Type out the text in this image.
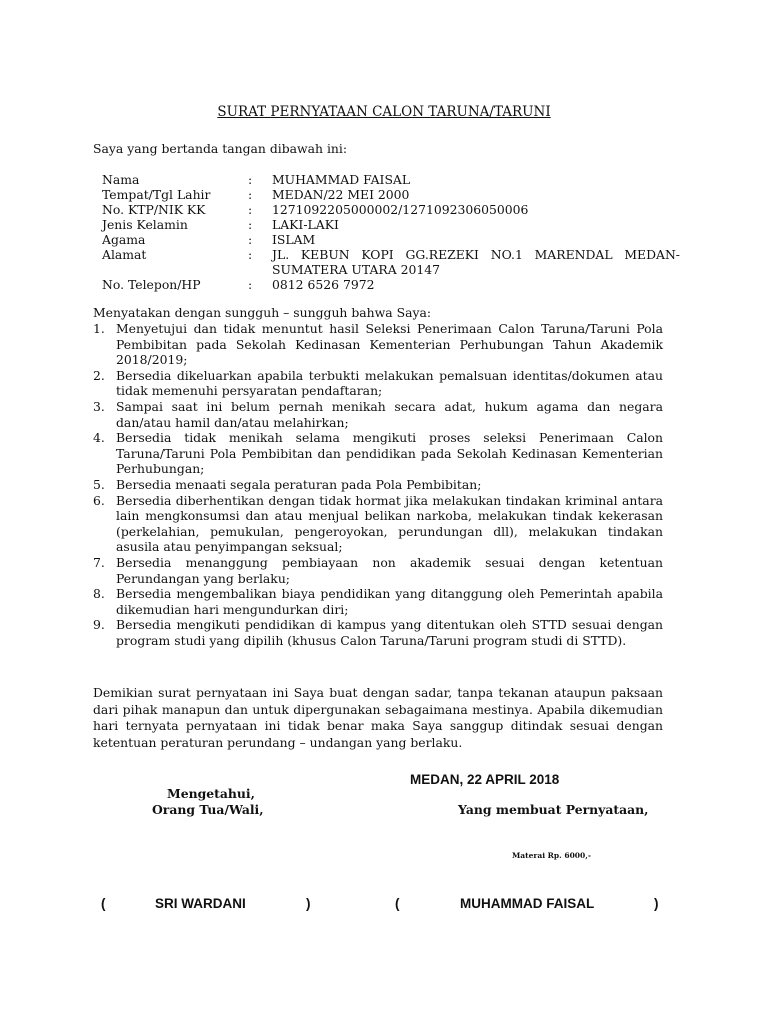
SURAT PERNYATAAN CALON TARUNA/TARUNI
Saya yang bertanda tangan dibawah ini:
Nama	:	MUHAMMAD FAISAL
Tempat/Tgl Lahir	:	MEDAN/22 MEI 2000
No. KTP/NIK KK	:	1271092205000002/1271092306050006
Jenis Kelamin	:	LAKI-LAKI
Agama	:	ISLAM
Alamat	:	JL. KEBUN KOPI GG.REZEKI NO.1 MARENDAL MEDAN-SUMATERA UTARA 20147
No. Telepon/HP	:	0812 6526 7972
Menyatakan dengan sungguh – sungguh bahwa Saya:
1. Menyetujui dan tidak menuntut hasil Seleksi Penerimaan Calon Taruna/Taruni Pola Pembibitan pada Sekolah Kedinasan Kementerian Perhubungan Tahun Akademik 2018/2019;
2. Bersedia dikeluarkan apabila terbukti melakukan pemalsuan identitas/dokumen atau tidak memenuhi persyaratan pendaftaran;
3. Sampai saat ini belum pernah menikah secara adat, hukum agama dan negara dan/atau hamil dan/atau melahirkan;
4. Bersedia tidak menikah selama mengikuti proses seleksi Penerimaan Calon Taruna/Taruni Pola Pembibitan dan pendidikan pada Sekolah Kedinasan Kementerian Perhubungan;
5. Bersedia menaati segala peraturan pada Pola Pembibitan;
6. Bersedia diberhentikan dengan tidak hormat jika melakukan tindakan kriminal antara lain mengkonsumsi dan atau menjual belikan narkoba, melakukan tindak kekerasan (perkelahian, pemukulan, pengeroyokan, perundungan dll), melakukan tindakan asusila atau penyimpangan seksual;
7. Bersedia menanggung pembiayaan non akademik sesuai dengan ketentuan Perundangan yang berlaku;
8. Bersedia mengembalikan biaya pendidikan yang ditanggung oleh Pemerintah apabila dikemudian hari mengundurkan diri;
9. Bersedia mengikuti pendidikan di kampus yang ditentukan oleh STTD sesuai dengan program studi yang dipilih (khusus Calon Taruna/Taruni program studi di STTD).
Demikian surat pernyataan ini Saya buat dengan sadar, tanpa tekanan ataupun paksaan dari pihak manapun dan untuk dipergunakan sebagaimana mestinya. Apabila dikemudian hari ternyata pernyataan ini tidak benar maka Saya sanggup ditindak sesuai dengan ketentuan peraturan perundang – undangan yang berlaku.
MEDAN, 22 APRIL 2018
Mengetahui,
Orang Tua/Wali,	Yang membuat Pernyataan,
Materai Rp. 6000,-
(	SRI WARDANI	)	(	MUHAMMAD FAISAL	)
